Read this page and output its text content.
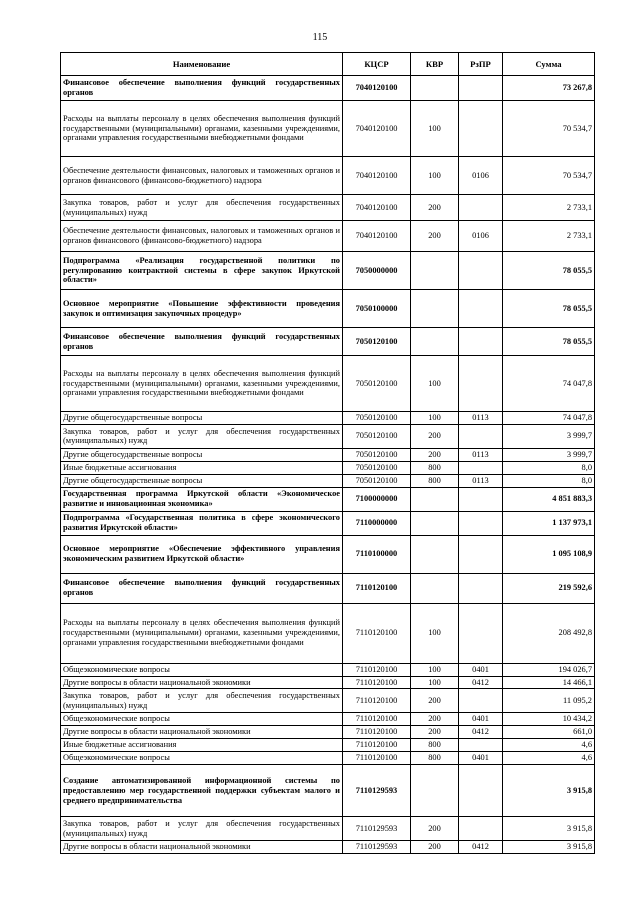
115
Наименование	КЦСР	КВР	РзПР	Сумма
Финансовое обеспечение выполнения функций государственных органов	7040120100			73 267,8
Расходы на выплаты персоналу в целях обеспечения выполнения функций государственными (муниципальными) органами, казенными учреждениями, органами управления государственными внебюджетными фондами	7040120100	100		70 534,7
Обеспечение деятельности финансовых, налоговых и таможенных органов и органов финансового (финансово-бюджетного) надзора	7040120100	100	0106	70 534,7
Закупка товаров, работ и услуг для обеспечения государственных (муниципальных) нужд	7040120100	200		2 733,1
Обеспечение деятельности финансовых, налоговых и таможенных органов и органов финансового (финансово-бюджетного) надзора	7040120100	200	0106	2 733,1
Подпрограмма «Реализация государственной политики по регулированию контрактной системы в сфере закупок Иркутской области»	7050000000			78 055,5
Основное мероприятие «Повышение эффективности проведения закупок и оптимизация закупочных процедур»	7050100000			78 055,5
Финансовое обеспечение выполнения функций государственных органов	7050120100			78 055,5
Расходы на выплаты персоналу в целях обеспечения выполнения функций государственными (муниципальными) органами, казенными учреждениями, органами управления государственными внебюджетными фондами	7050120100	100		74 047,8
Другие общегосударственные вопросы	7050120100	100	0113	74 047,8
Закупка товаров, работ и услуг для обеспечения государственных (муниципальных) нужд	7050120100	200		3 999,7
Другие общегосударственные вопросы	7050120100	200	0113	3 999,7
Иные бюджетные ассигнования	7050120100	800		8,0
Другие общегосударственные вопросы	7050120100	800	0113	8,0
Государственная программа Иркутской области «Экономическое развитие и инновационная экономика»	7100000000			4 851 883,3
Подпрограмма «Государственная политика в сфере экономического развития Иркутской области»	7110000000			1 137 973,1
Основное мероприятие «Обеспечение эффективного управления экономическим развитием Иркутской области»	7110100000			1 095 108,9
Финансовое обеспечение выполнения функций государственных органов	7110120100			219 592,6
Расходы на выплаты персоналу в целях обеспечения выполнения функций государственными (муниципальными) органами, казенными учреждениями, органами управления государственными внебюджетными фондами	7110120100	100		208 492,8
Общеэкономические вопросы	7110120100	100	0401	194 026,7
Другие вопросы в области национальной экономики	7110120100	100	0412	14 466,1
Закупка товаров, работ и услуг для обеспечения государственных (муниципальных) нужд	7110120100	200		11 095,2
Общеэкономические вопросы	7110120100	200	0401	10 434,2
Другие вопросы в области национальной экономики	7110120100	200	0412	661,0
Иные бюджетные ассигнования	7110120100	800		4,6
Общеэкономические вопросы	7110120100	800	0401	4,6
Создание автоматизированной информационной системы по предоставлению мер государственной поддержки субъектам малого и среднего предпринимательства	7110129593			3 915,8
Закупка товаров, работ и услуг для обеспечения государственных (муниципальных) нужд	7110129593	200		3 915,8
Другие вопросы в области национальной экономики	7110129593	200	0412	3 915,8
